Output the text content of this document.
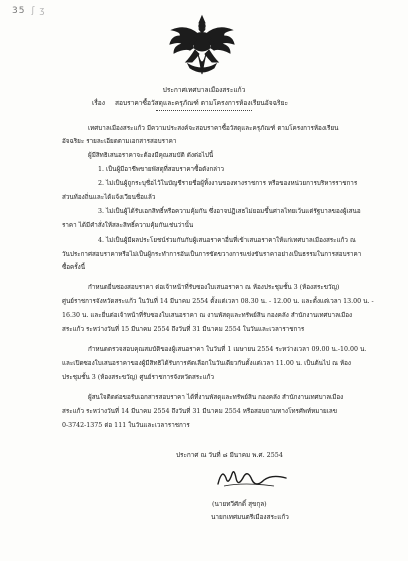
35 ʃ ʒ
ประกาศเทศบาลเมืองสระแก้ว
เรื่อง สอบราคาซื้อวัสดุและครุภัณฑ์ ตามโครงการห้องเรียนอัจฉริยะ
เทศบาลเมืองสระแก้ว มีความประสงค์จะสอบราคาซื้อวัสดุและครุภัณฑ์ ตามโครงการห้องเรียน
อัจฉริยะ รายละเอียดตามเอกสารสอบราคา
ผู้มีสิทธิเสนอราคาจะต้องมีคุณสมบัติ ดังต่อไปนี้
1. เป็นผู้มีอาชีพขายพัสดุที่สอบราคาซื้อดังกล่าว
2. ไม่เป็นผู้ถูกระบุชื่อไว้ในบัญชีรายชื่อผู้ทิ้งงานของทางราชการ หรือของหน่วยการบริหารราชการ
ส่วนท้องถิ่นและได้แจ้งเวียนชื่อแล้ว
3. ไม่เป็นผู้ได้รับเอกสิทธิ์หรือความคุ้มกัน ซึ่งอาจปฏิเสธไม่ยอมขึ้นศาลไทยเว้นแต่รัฐบาลของผู้เสนอ
ราคา ได้มีคำสั่งให้สละสิทธิ์ความคุ้มกันเช่นว่านั้น
4. ไม่เป็นผู้มีผลประโยชน์ร่วมกันกับผู้เสนอราคาอื่นที่เข้าเสนอราคาให้แก่เทศบาลเมืองสระแก้ว ณ
วันประกาศสอบราคาหรือไม่เป็นผู้กระทำการอันเป็นการขัดขวางการแข่งขันราคาอย่างเป็นธรรมในการสอบราคา
ซื้อครั้งนี้
กำหนดยื่นซองสอบราคา ต่อเจ้าหน้าที่รับซองใบเสนอราคา ณ ห้องประชุมชั้น 3 (ห้องสระขวัญ)
ศูนย์ราชการจังหวัดสระแก้ว ในวันที่ 14 มีนาคม 2554 ตั้งแต่เวลา 08.30 น. - 12.00 น. และตั้งแต่เวลา 13.00 น. -
16.30 น. และยื่นต่อเจ้าหน้าที่รับซองใบเสนอราคา ณ งานพัสดุและทรัพย์สิน กองคลัง สำนักงานเทศบาลเมือง
สระแก้ว ระหว่างวันที่ 15 มีนาคม 2554 ถึงวันที่ 31 มีนาคม 2554 ในวันและเวลาราชการ
กำหนดตรวจสอบคุณสมบัติของผู้เสนอราคา ในวันที่ 1 เมษายน 2554 ระหว่างเวลา 09.00 น.-10.00 น.
และเปิดซองใบเสนอราคาของผู้มีสิทธิได้รับการคัดเลือกในวันเดียวกันตั้งแต่เวลา 11.00 น. เป็นต้นไป ณ ห้อง
ประชุมชั้น 3 (ห้องสระขวัญ) ศูนย์ราชการจังหวัดสระแก้ว
ผู้สนใจติดต่อขอรับเอกสารสอบราคา ได้ที่งานพัสดุและทรัพย์สิน กองคลัง สำนักงานเทศบาลเมือง
สระแก้ว ระหว่างวันที่ 14 มีนาคม 2554 ถึงวันที่ 31 มีนาคม 2554 หรือสอบถามทางโทรศัพท์หมายเลข
0-3742-1375 ต่อ 111 ในวันและเวลาราชการ
ประกาศ ณ วันที่ ๘ มีนาคม พ.ศ. 2554
(นายทวีศักดิ์ สุขกุล)
นายกเทศมนตรีเมืองสระแก้ว
